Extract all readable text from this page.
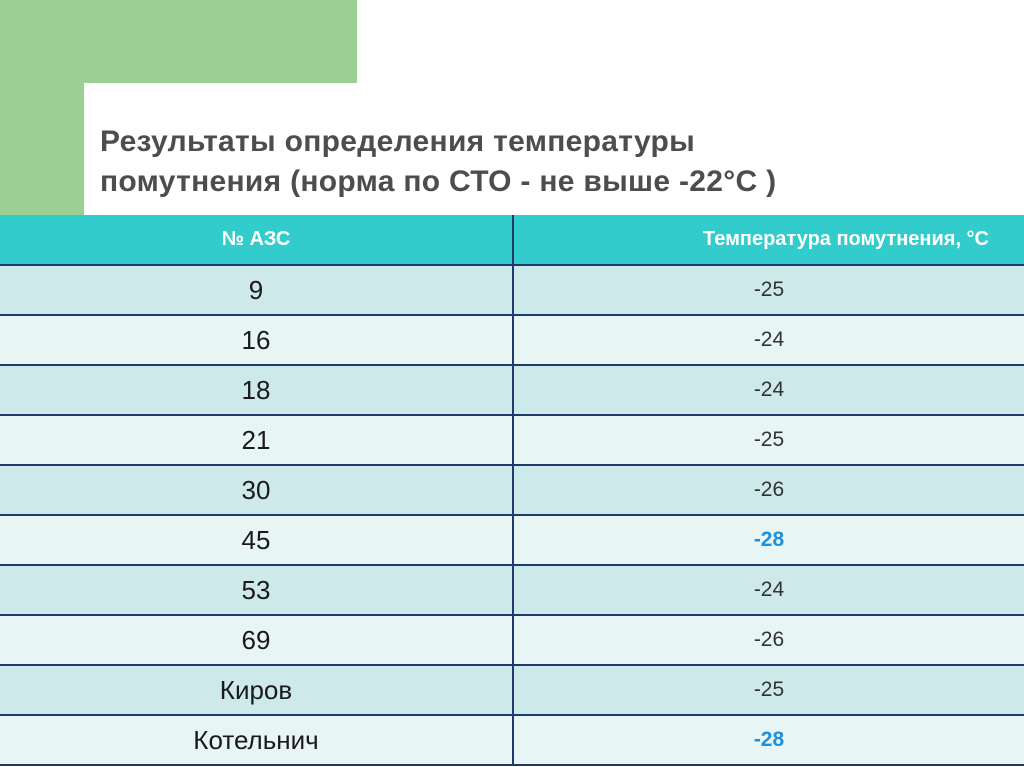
Результаты определения температуры
помутнения (норма по СТО - не выше -22°С )
№ АЗС	Температура помутнения, °С
9	-25
16	-24
18	-24
21	-25
30	-26
45	-28
53	-24
69	-26
Киров	-25
Котельнич	-28
